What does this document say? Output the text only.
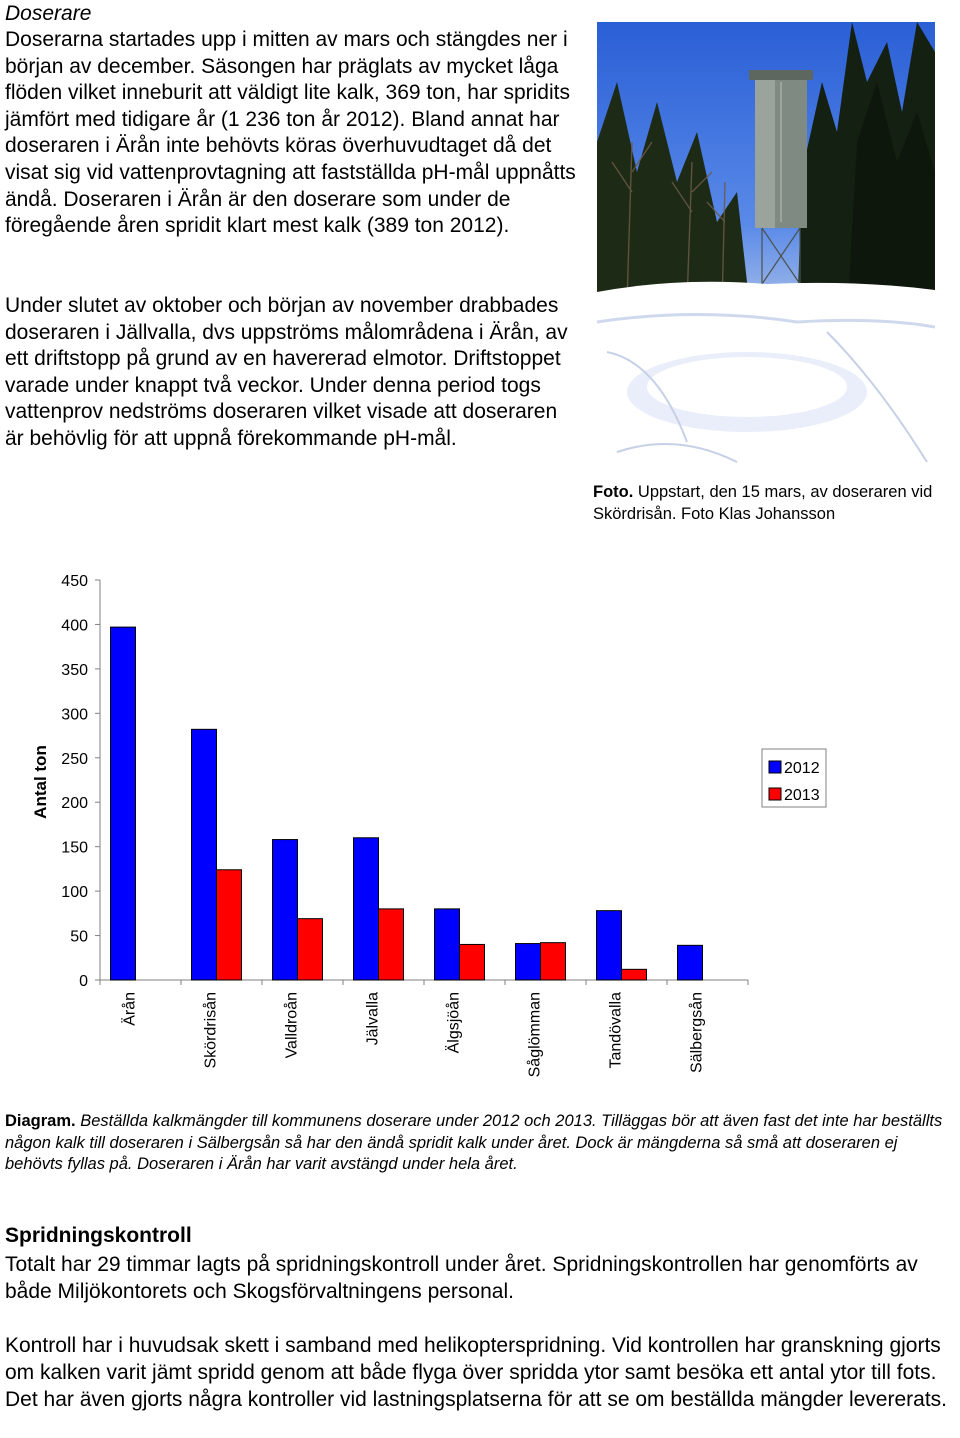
Doserare
Doserarna startades upp i mitten av mars och stängdes ner i början av december. Säsongen har präglats av mycket låga flöden vilket inneburit att väldigt lite kalk, 369 ton, har spridits jämfört med tidigare år (1 236 ton år 2012). Bland annat har doseraren i Ärån inte behövts köras överhuvudtaget då det visat sig vid vattenprovtagning att fastställda pH-mål uppnåtts ändå. Doseraren i Ärån är den doserare som under de föregående åren spridit klart mest kalk (389 ton 2012).
Under slutet av oktober och början av november drabbades doseraren i Jällvalla, dvs uppströms målområdena i Ärån, av ett driftstopp på grund av en havererad elmotor. Driftstoppet varade under knappt två veckor. Under denna period togs vattenprov nedströms doseraren vilket visade att doseraren är behövlig för att uppnå förekommande pH-mål.
Foto. Uppstart, den 15 mars, av doseraren vid Skördrisån. Foto Klas Johansson
450
400
350
300
250
200
150
100
50
0
Antal ton
Ärån	Skördrisån	Valldroån	Jälvalla	Älgsjöån	Såglömman	Tandövalla	Sälbergsån
2012
2013
Diagram. Beställda kalkmängder till kommunens doserare under 2012 och 2013. Tilläggas bör att även fast det inte har beställts någon kalk till doseraren i Sälbergsån så har den ändå spridit kalk under året. Dock är mängderna så små att doseraren ej behövts fyllas på. Doseraren i Ärån har varit avstängd under hela året.
Spridningskontroll
Totalt har 29 timmar lagts på spridningskontroll under året. Spridningskontrollen har genomförts av både Miljökontorets och Skogsförvaltningens personal.
Kontroll har i huvudsak skett i samband med helikopterspridning. Vid kontrollen har granskning gjorts om kalken varit jämt spridd genom att både flyga över spridda ytor samt besöka ett antal ytor till fots. Det har även gjorts några kontroller vid lastningsplatserna för att se om beställda mängder levererats.
